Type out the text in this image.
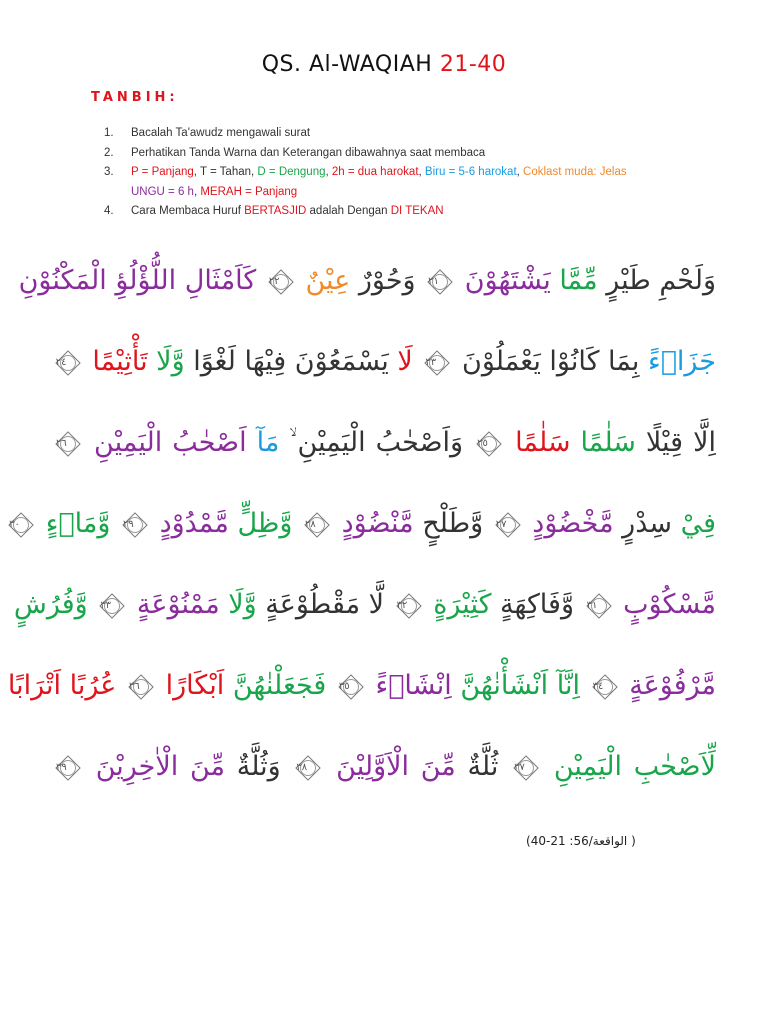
QS. Al-WAQIAH 21-40
TANBIH:
1. Bacalah Ta'awudz mengawali surat
2. Perhatikan Tanda Warna dan Keterangan dibawahnya saat membaca
3. P = Panjang, T = Tahan, D = Dengung, 2h = dua harokat, Biru = 5-6 harokat, Coklast muda: Jelas
UNGU = 6 h, MERAH = Panjang
4. Cara Membaca Huruf BERTASJID adalah Dengan DI TEKAN
وَلَحْمِ طَيْرٍ مِّمَّا يَشْتَهُوْنَ ٢١ وَحُوْرٌ عِيْنٌ ٢٢ كَاَمْثَالِ اللُّؤْلُؤِ الْمَكْنُوْنِ
جَزَاۤءً بِمَا كَانُوْا يَعْمَلُوْنَ ٢٣ لَا يَسْمَعُوْنَ فِيْهَا لَغْوًا وَّلَا تَأْثِيْمًا ٢٤
اِلَّا قِيْلًا سَلٰمًا سَلٰمًا ٢٥ وَاَصْحٰبُ الْيَمِيْنِ ۙ مَآ اَصْحٰبُ الْيَمِيْنِ ٢٦
فِيْ سِدْرٍ مَّخْضُوْدٍ ٢٧ وَّطَلْحٍ مَّنْضُوْدٍ ٢٨ وَّظِلٍّ مَّمْدُوْدٍ ٢٩ وَّمَاۤءٍ ٣٠
مَّسْكُوْبٍ ٣١ وَّفَاكِهَةٍ كَثِيْرَةٍ ٣٢ لَّا مَقْطُوْعَةٍ وَّلَا مَمْنُوْعَةٍ ٣٣ وَّفُرُشٍ
مَّرْفُوْعَةٍ ٣٤ اِنَّآ اَنْشَأْنٰهُنَّ اِنْشَاۤءً ٣٥ فَجَعَلْنٰهُنَّ اَبْكَارًا ٣٦ عُرُبًا اَتْرَابًا
لِّاَصْحٰبِ الْيَمِيْنِ ٣٧ ثُلَّةٌ مِّنَ الْاَوَّلِيْنَ ٣٨ وَثُلَّةٌ مِّنَ الْاٰخِرِيْنَ ٣٩
( الواقعة/56: 21-40)
